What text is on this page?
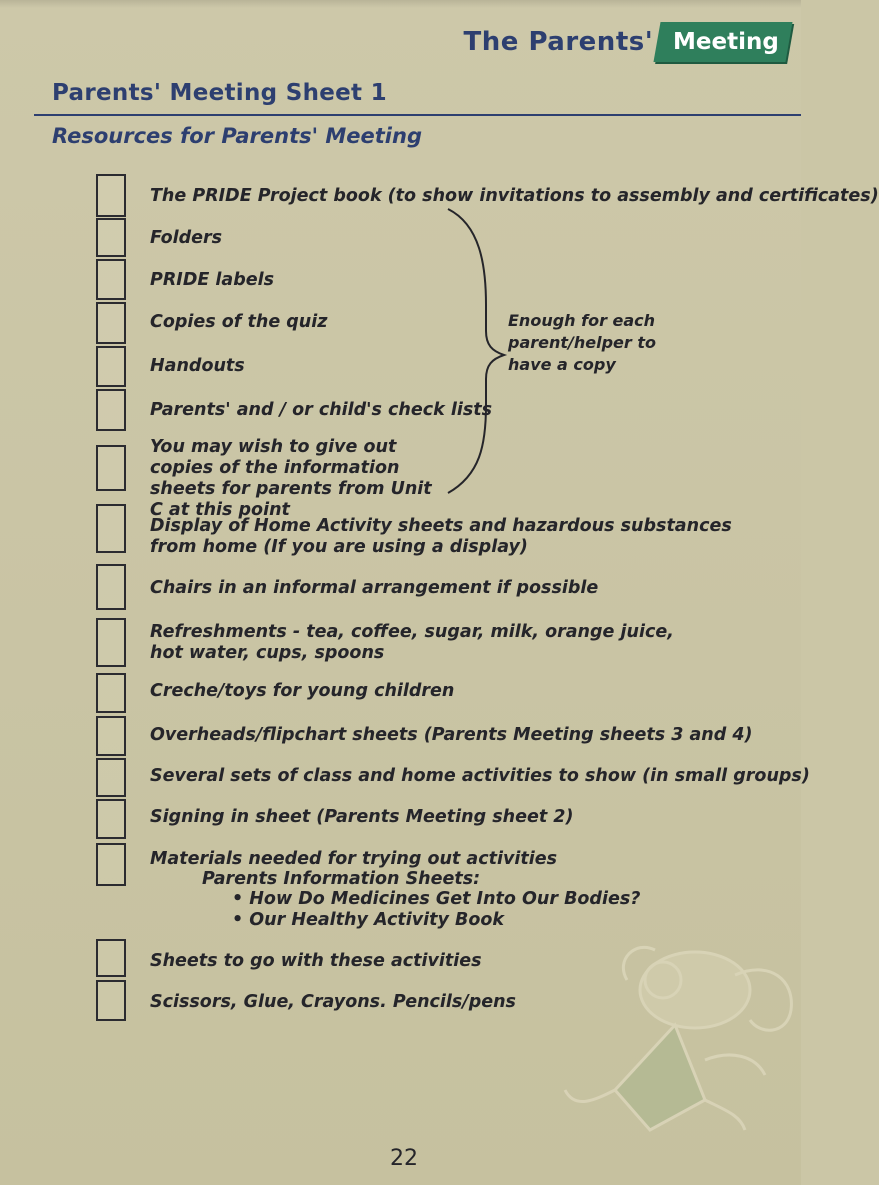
The Parents' Meeting
Parents' Meeting Sheet 1
Resources for Parents' Meeting

The PRIDE Project book (to show invitations to assembly and certificates)

Folders

PRIDE labels

Copies of the quiz

Handouts

Parents' and / or child's check lists

You may wish to give out copies of the information sheets for parents from Unit C at this point

Display of Home Activity sheets and hazardous substances from home (If you are using a display)

Chairs in an informal arrangement if possible

Refreshments - tea, coffee, sugar, milk, orange juice, hot water, cups, spoons

Creche/toys for young children

Overheads/flipchart sheets (Parents Meeting sheets 3 and 4)

Several sets of class and home activities to show (in small groups)

Signing in sheet (Parents Meeting sheet 2)

Materials needed for trying out activities

Parents Information Sheets:

• How Do Medicines Get Into Our Bodies?

• Our Healthy Activity Book

Sheets to go with these activities

Scissors, Glue, Crayons. Pencils/pens

Enough for each parent/helper to have a copy

22
